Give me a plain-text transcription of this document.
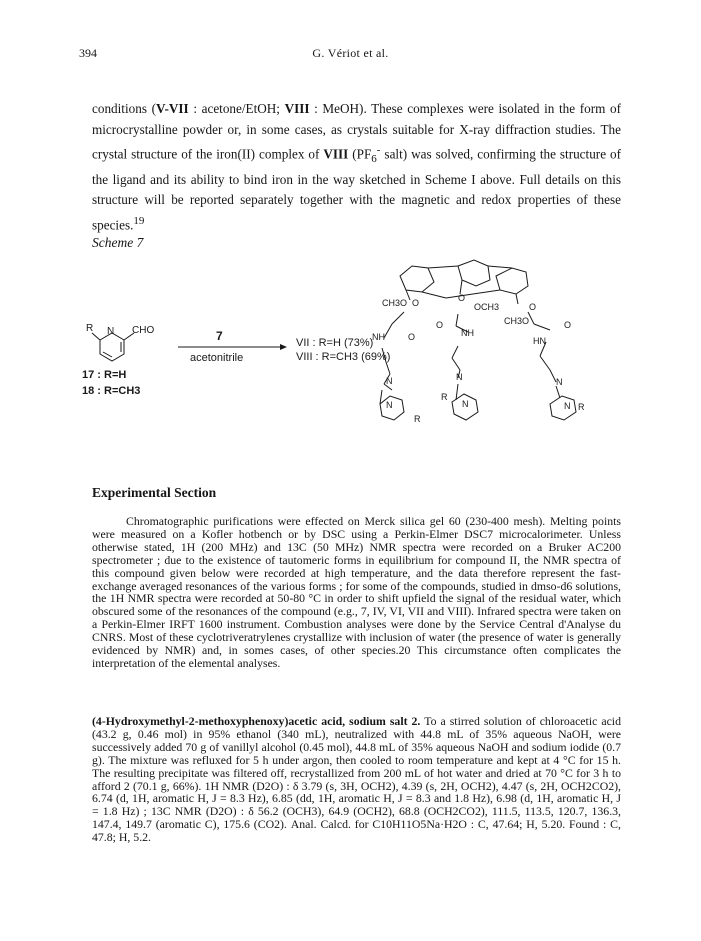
394	G. Vériot et al.
conditions (V-VII : acetone/EtOH; VIII : MeOH). These complexes were isolated in the form of microcrystalline powder or, in some cases, as crystals suitable for X-ray diffraction studies. The crystal structure of the iron(II) complex of VIII ($PF_6^-$ salt) was solved, confirming the structure of the ligand and its ability to bind iron in the way sketched in Scheme I above. Full details on this structure will be reported separately together with the magnetic and redox properties of these species.$^{19}$
Scheme 7
R N CHO
17 : R=H
18 : R=CH3
7
acetonitrile
VII : R=H (73%)
VIII : R=CH3 (69%)
CH3O O	O
OCH3
CH3O
O
O	O
O
NH	NH
HN
N	N	N
N	N	N
R
R
R
Experimental Section
Chromatographic purifications were effected on Merck silica gel 60 (230-400 mesh). Melting points were measured on a Kofler hotbench or by DSC using a Perkin-Elmer DSC7 microcalorimeter. Unless otherwise stated, 1H (200 MHz) and 13C (50 MHz) NMR spectra were recorded on a Bruker AC200 spectrometer ; due to the existence of tautomeric forms in equilibrium for compound II, the NMR spectra of this compound given below were recorded at high temperature, and the data therefore represent the fast-exchange averaged resonances of the various forms ; for some of the compounds, studied in dmso-d6 solutions, the 1H NMR spectra were recorded at 50-80 °C in order to shift upfield the signal of the residual water, which obscured some of the resonances of the compound (e.g., 7, IV, VI, VII and VIII). Infrared spectra were taken on a Perkin-Elmer IRFT 1600 instrument. Combustion analyses were done by the Service Central d'Analyse du CNRS. Most of these cyclotriveratrylenes crystallize with inclusion of water (the presence of water is generally evidenced by NMR) and, in somes cases, of other species.20 This circumstance often complicates the interpretation of the elemental analyses.
(4-Hydroxymethyl-2-methoxyphenoxy)acetic acid, sodium salt 2. To a stirred solution of chloroacetic acid (43.2 g, 0.46 mol) in 95% ethanol (340 mL), neutralized with 44.8 mL of 35% aqueous NaOH, were successively added 70 g of vanillyl alcohol (0.45 mol), 44.8 mL of 35% aqueous NaOH and sodium iodide (0.7 g). The mixture was refluxed for 5 h under argon, then cooled to room temperature and kept at 4 °C for 15 h. The resulting precipitate was filtered off, recrystallized from 200 mL of hot water and dried at 70 °C for 3 h to afford 2 (70.1 g, 66%). 1H NMR (D2O) : δ 3.79 (s, 3H, OCH2), 4.39 (s, 2H, OCH2), 4.47 (s, 2H, OCH2CO2), 6.74 (d, 1H, aromatic H, J = 8.3 Hz), 6.85 (dd, 1H, aromatic H, J = 8.3 and 1.8 Hz), 6.98 (d, 1H, aromatic H, J = 1.8 Hz) ; 13C NMR (D2O) : δ 56.2 (OCH3), 64.9 (OCH2), 68.8 (OCH2CO2), 111.5, 113.5, 120.7, 136.3, 147.4, 149.7 (aromatic C), 175.6 (CO2). Anal. Calcd. for C10H11O5Na·H2O : C, 47.64; H, 5.20. Found : C, 47.8; H, 5.2.
